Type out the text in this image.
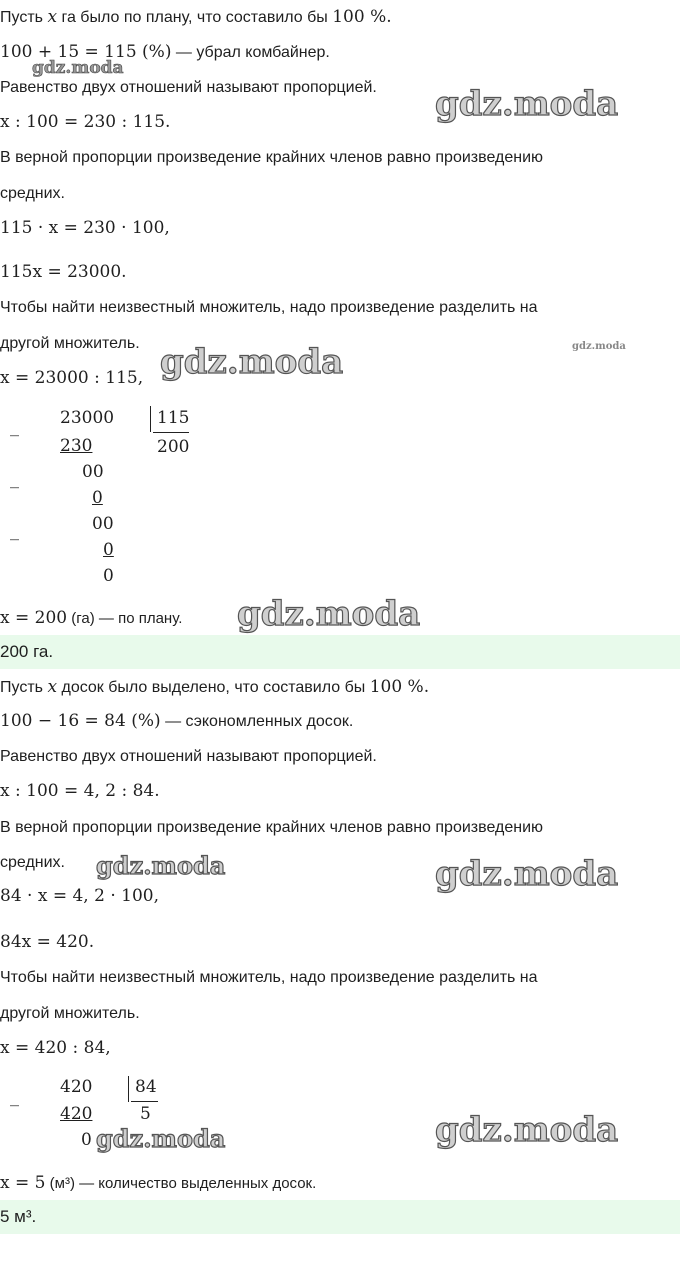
Пусть x га было по плану, что составило бы 100 %.
100 + 15 = 115 (%) — убрал комбайнер.
Равенство двух отношений называют пропорцией.
x : 100 = 230 : 115.
В верной пропорции произведение крайних членов равно произведению
средних.
115 · x = 230 · 100,
115x = 23000.
Чтобы найти неизвестный множитель, надо произведение разделить на
другой множитель.
x = 23000 : 115,
_ 23000	115
200
230
_	00
0
_	00
0
0
x = 200 (га) — по плану.
200 га.
Пусть x досок было выделено, что составило бы 100 %.
100 − 16 = 84 (%) — сэкономленных досок.
Равенство двух отношений называют пропорцией.
x : 100 = 4, 2 : 84.
В верной пропорции произведение крайних членов равно произведению
средних.
84 · x = 4, 2 · 100,
84x = 420.
Чтобы найти неизвестный множитель, надо произведение разделить на
другой множитель.
x = 420 : 84,
_ 420	84
5
420
0
x = 5 (м³) — количество выделенных досок.
5 м³.
gdz.moda
gdz.moda
gdz.moda	gdz.moda
gdz.moda
gdz.moda	gdz.moda
gdz.moda	gdz.moda
